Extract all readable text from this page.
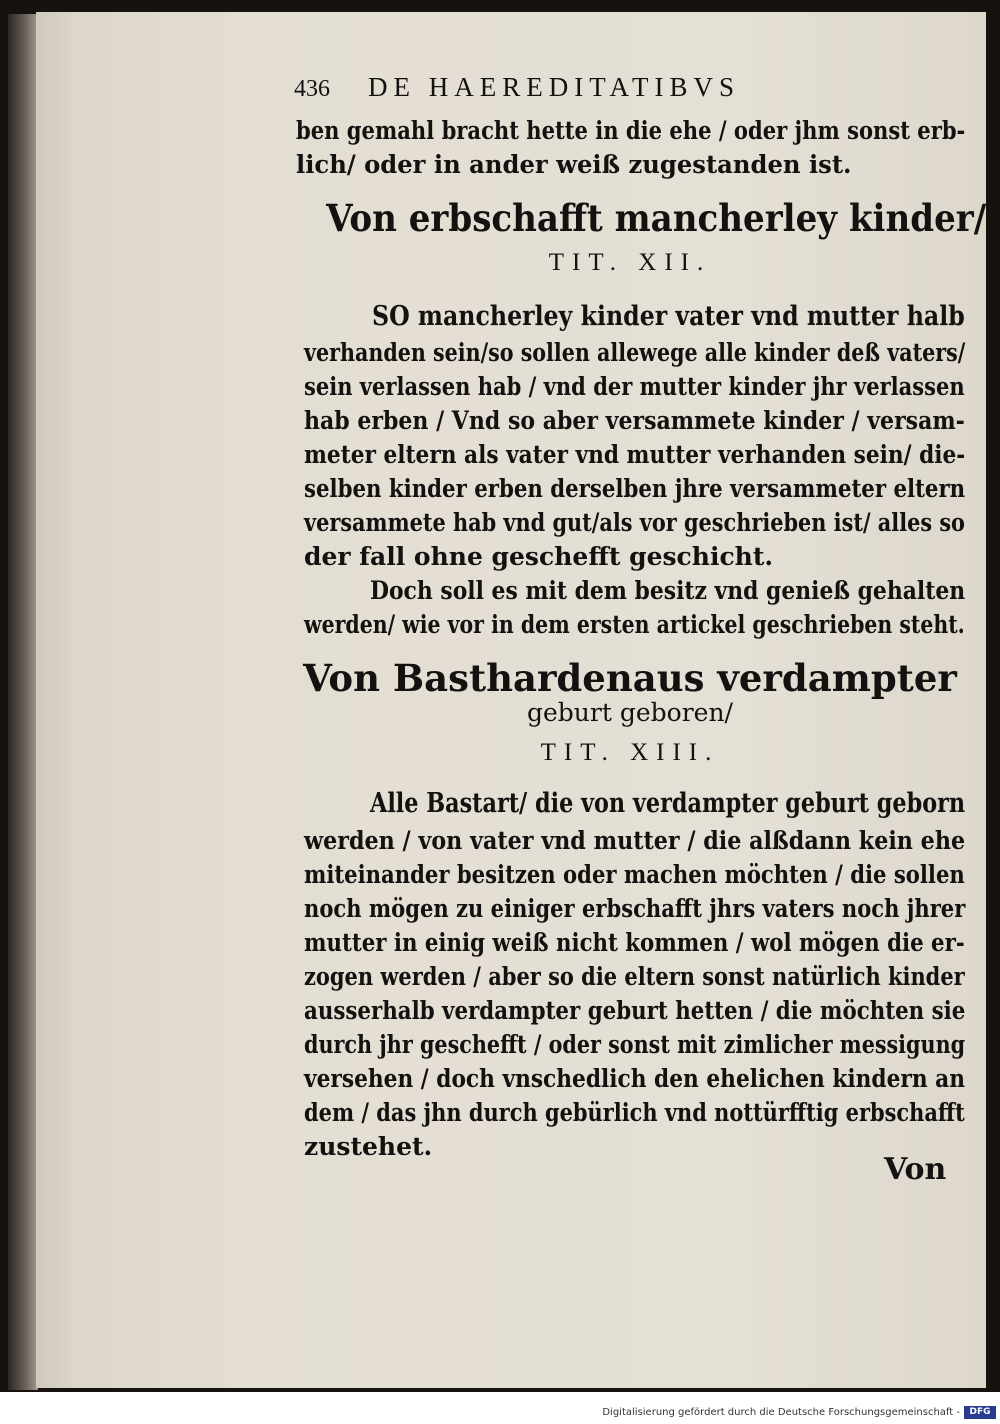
436 DE HAEREDITATIBVS
ben gemahl bracht hette in die ehe / oder jhm sonst erb-
lich/ oder in ander weiß zugestanden ist.
Von erbschafft mancherley kinder/
TIT. XII.
SO mancherley kinder vater vnd mutter halb
verhanden sein/so sollen allewege alle kinder deß vaters/
sein verlassen hab / vnd der mutter kinder jhr verlassen
hab erben / Vnd so aber versammete kinder / versam-
meter eltern als vater vnd mutter verhanden sein/ die-
selben kinder erben derselben jhre versammeter eltern
versammete hab vnd gut/als vor geschrieben ist/ alles so
der fall ohne geschefft geschicht.
Doch soll es mit dem besitz vnd genieß gehalten
werden/ wie vor in dem ersten artickel geschrieben steht.
Von Basthardenaus verdampter
geburt geboren/
TIT. XIII.
Alle Bastart/ die von verdampter geburt geborn
werden / von vater vnd mutter / die alßdann kein ehe
miteinander besitzen oder machen möchten / die sollen
noch mögen zu einiger erbschafft jhrs vaters noch jhrer
mutter in einig weiß nicht kommen / wol mögen die er-
zogen werden / aber so die eltern sonst natürlich kinder
ausserhalb verdampter geburt hetten / die möchten sie
durch jhr geschefft / oder sonst mit zimlicher messigung
versehen / doch vnschedlich den ehelichen kindern an
dem / das jhn durch gebürlich vnd nottürfftig erbschafft
zustehet.
Von
Digitalisierung gefördert durch die Deutsche Forschungsgemeinschaft -	DFG
